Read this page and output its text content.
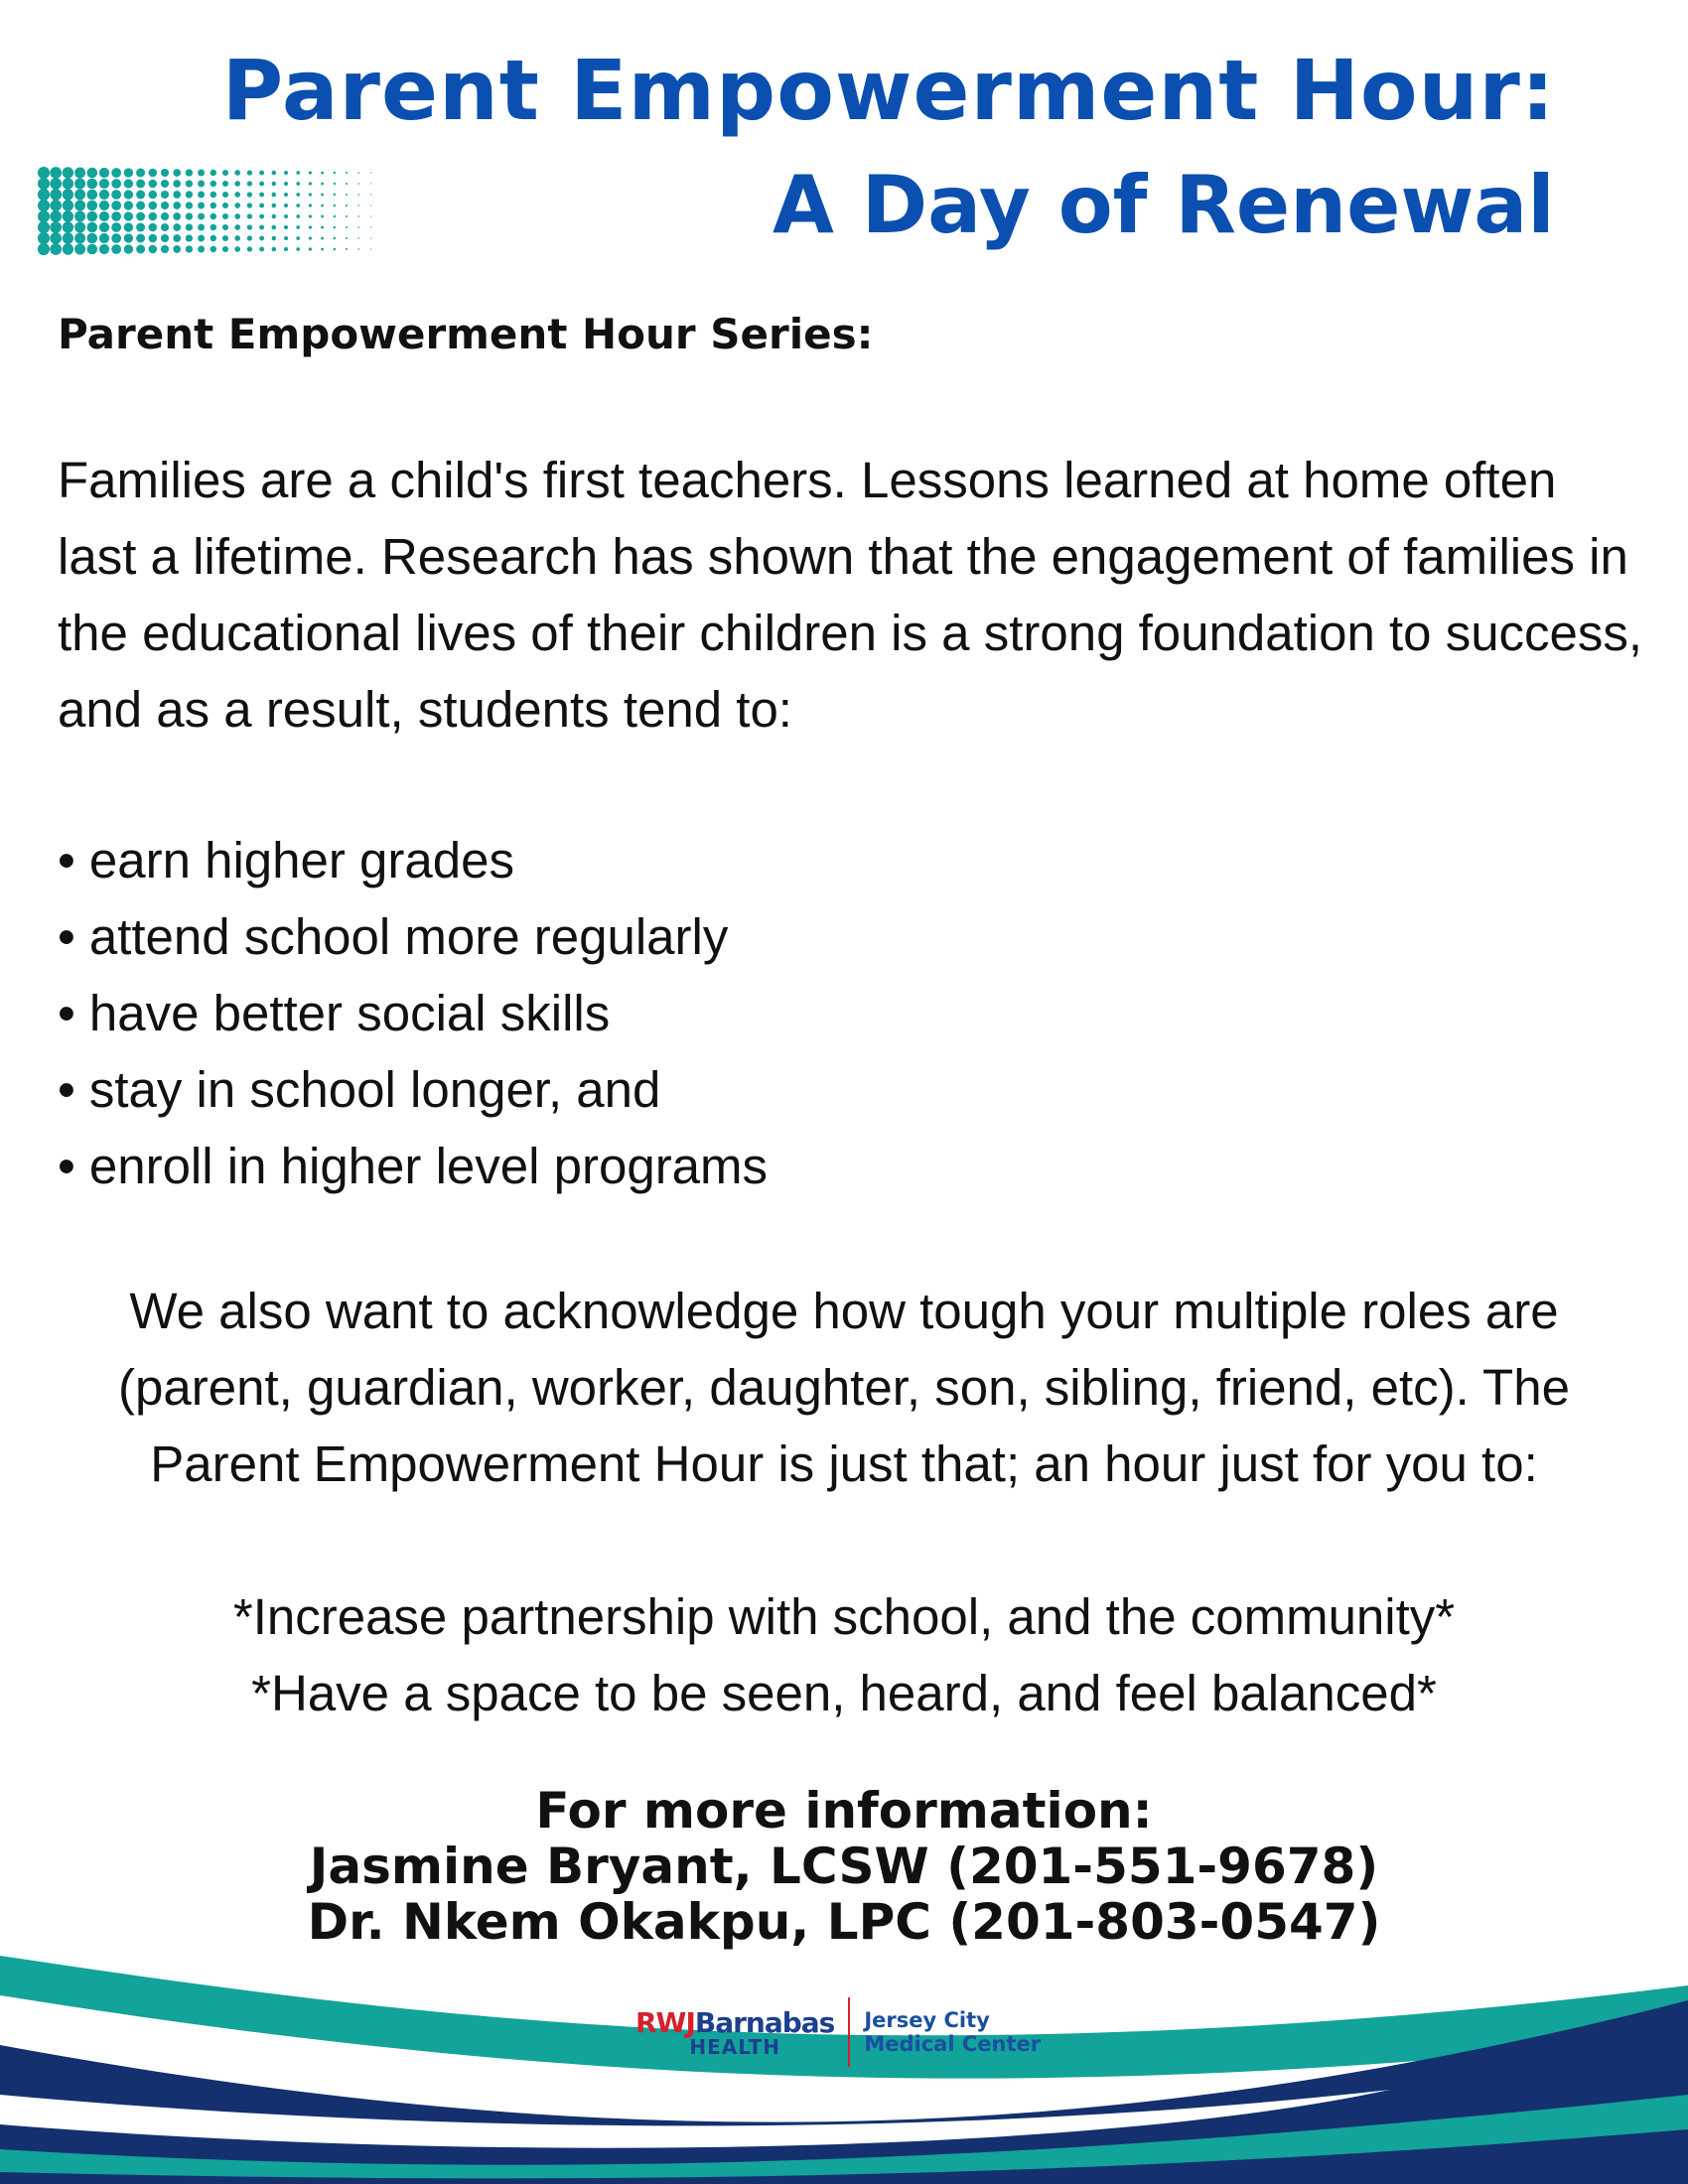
Parent Empowerment Hour:
A Day of Renewal
Parent Empowerment Hour Series:

Families are a child's first teachers. Lessons learned at home often last a lifetime. Research has shown that the engagement of families in the educational lives of their children is a strong foundation to success, and as a result, students tend to:

• earn higher grades
• attend school more regularly
• have better social skills
• stay in school longer, and
• enroll in higher level programs

We also want to acknowledge how tough your multiple roles are (parent, guardian, worker, daughter, son, sibling, friend, etc). The Parent Empowerment Hour is just that; an hour just for you to:

*Increase partnership with school, and the community*

*Have a space to be seen, heard, and feel balanced*

For more information:

Jasmine Bryant, LCSW (201-551-9678)

Dr. Nkem Okakpu, LPC (201-803-0547)

RWJBarnabas
HEALTH
Jersey City
Medical Center
